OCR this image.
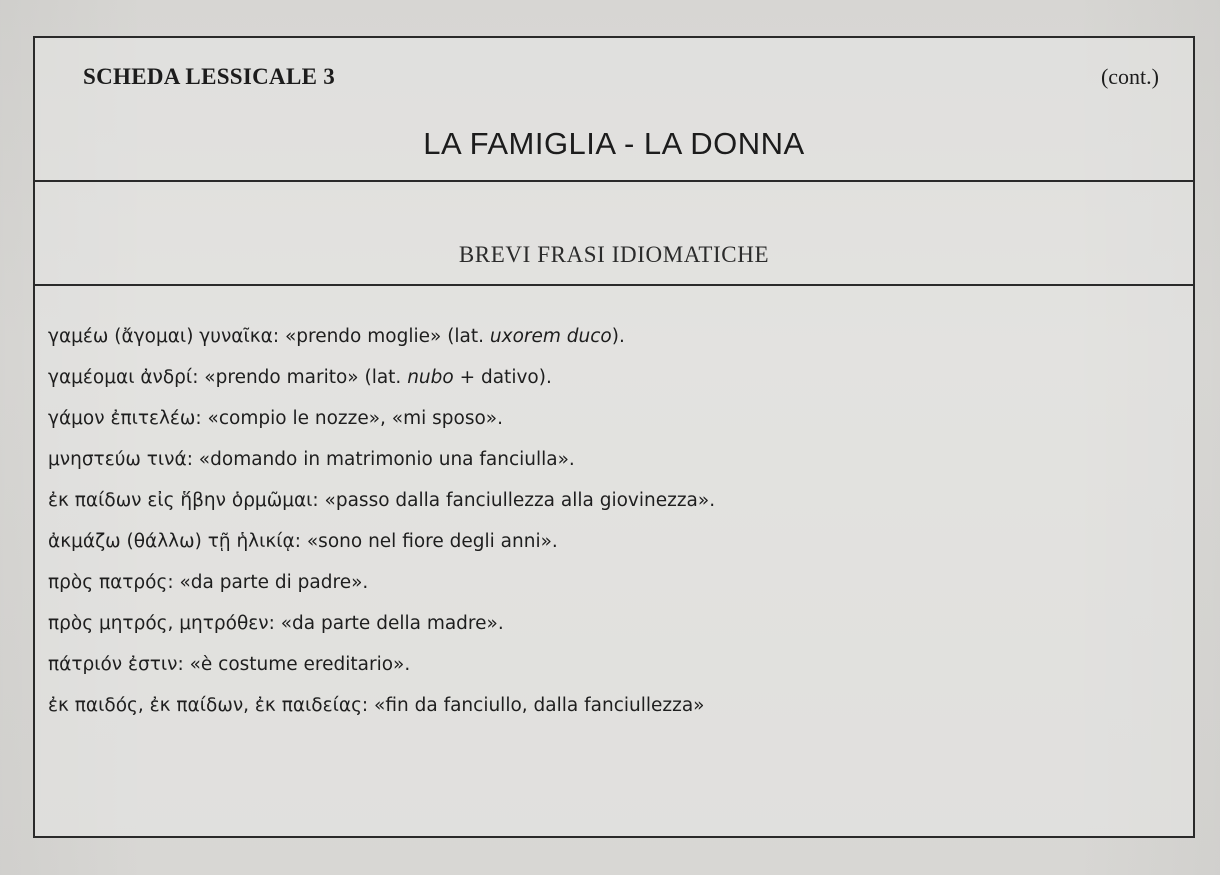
SCHEDA LESSICALE 3	(cont.)
LA FAMIGLIA - LA DONNA
BREVI FRASI IDIOMATICHE
γαμέω (ἄγομαι) γυναῖκα: «prendo moglie» (lat. uxorem duco).
γαμέομαι ἀνδρί: «prendo marito» (lat. nubo + dativo).
γάμον ἐπιτελέω: «compio le nozze», «mi sposo».
μνηστεύω τινά: «domando in matrimonio una fanciulla».
ἐκ παίδων εἰς ἥβην ὁρμῶμαι: «passo dalla fanciullezza alla giovinezza».
ἀκμάζω (θάλλω) τῇ ἡλικίᾳ: «sono nel fiore degli anni».
πρὸς πατρός: «da parte di padre».
πρὸς μητρός, μητρόθεν: «da parte della madre».
πάτριόν ἐστιν: «è costume ereditario».
ἐκ παιδός, ἐκ παίδων, ἐκ παιδείας: «fin da fanciullo, dalla fanciullezza»
